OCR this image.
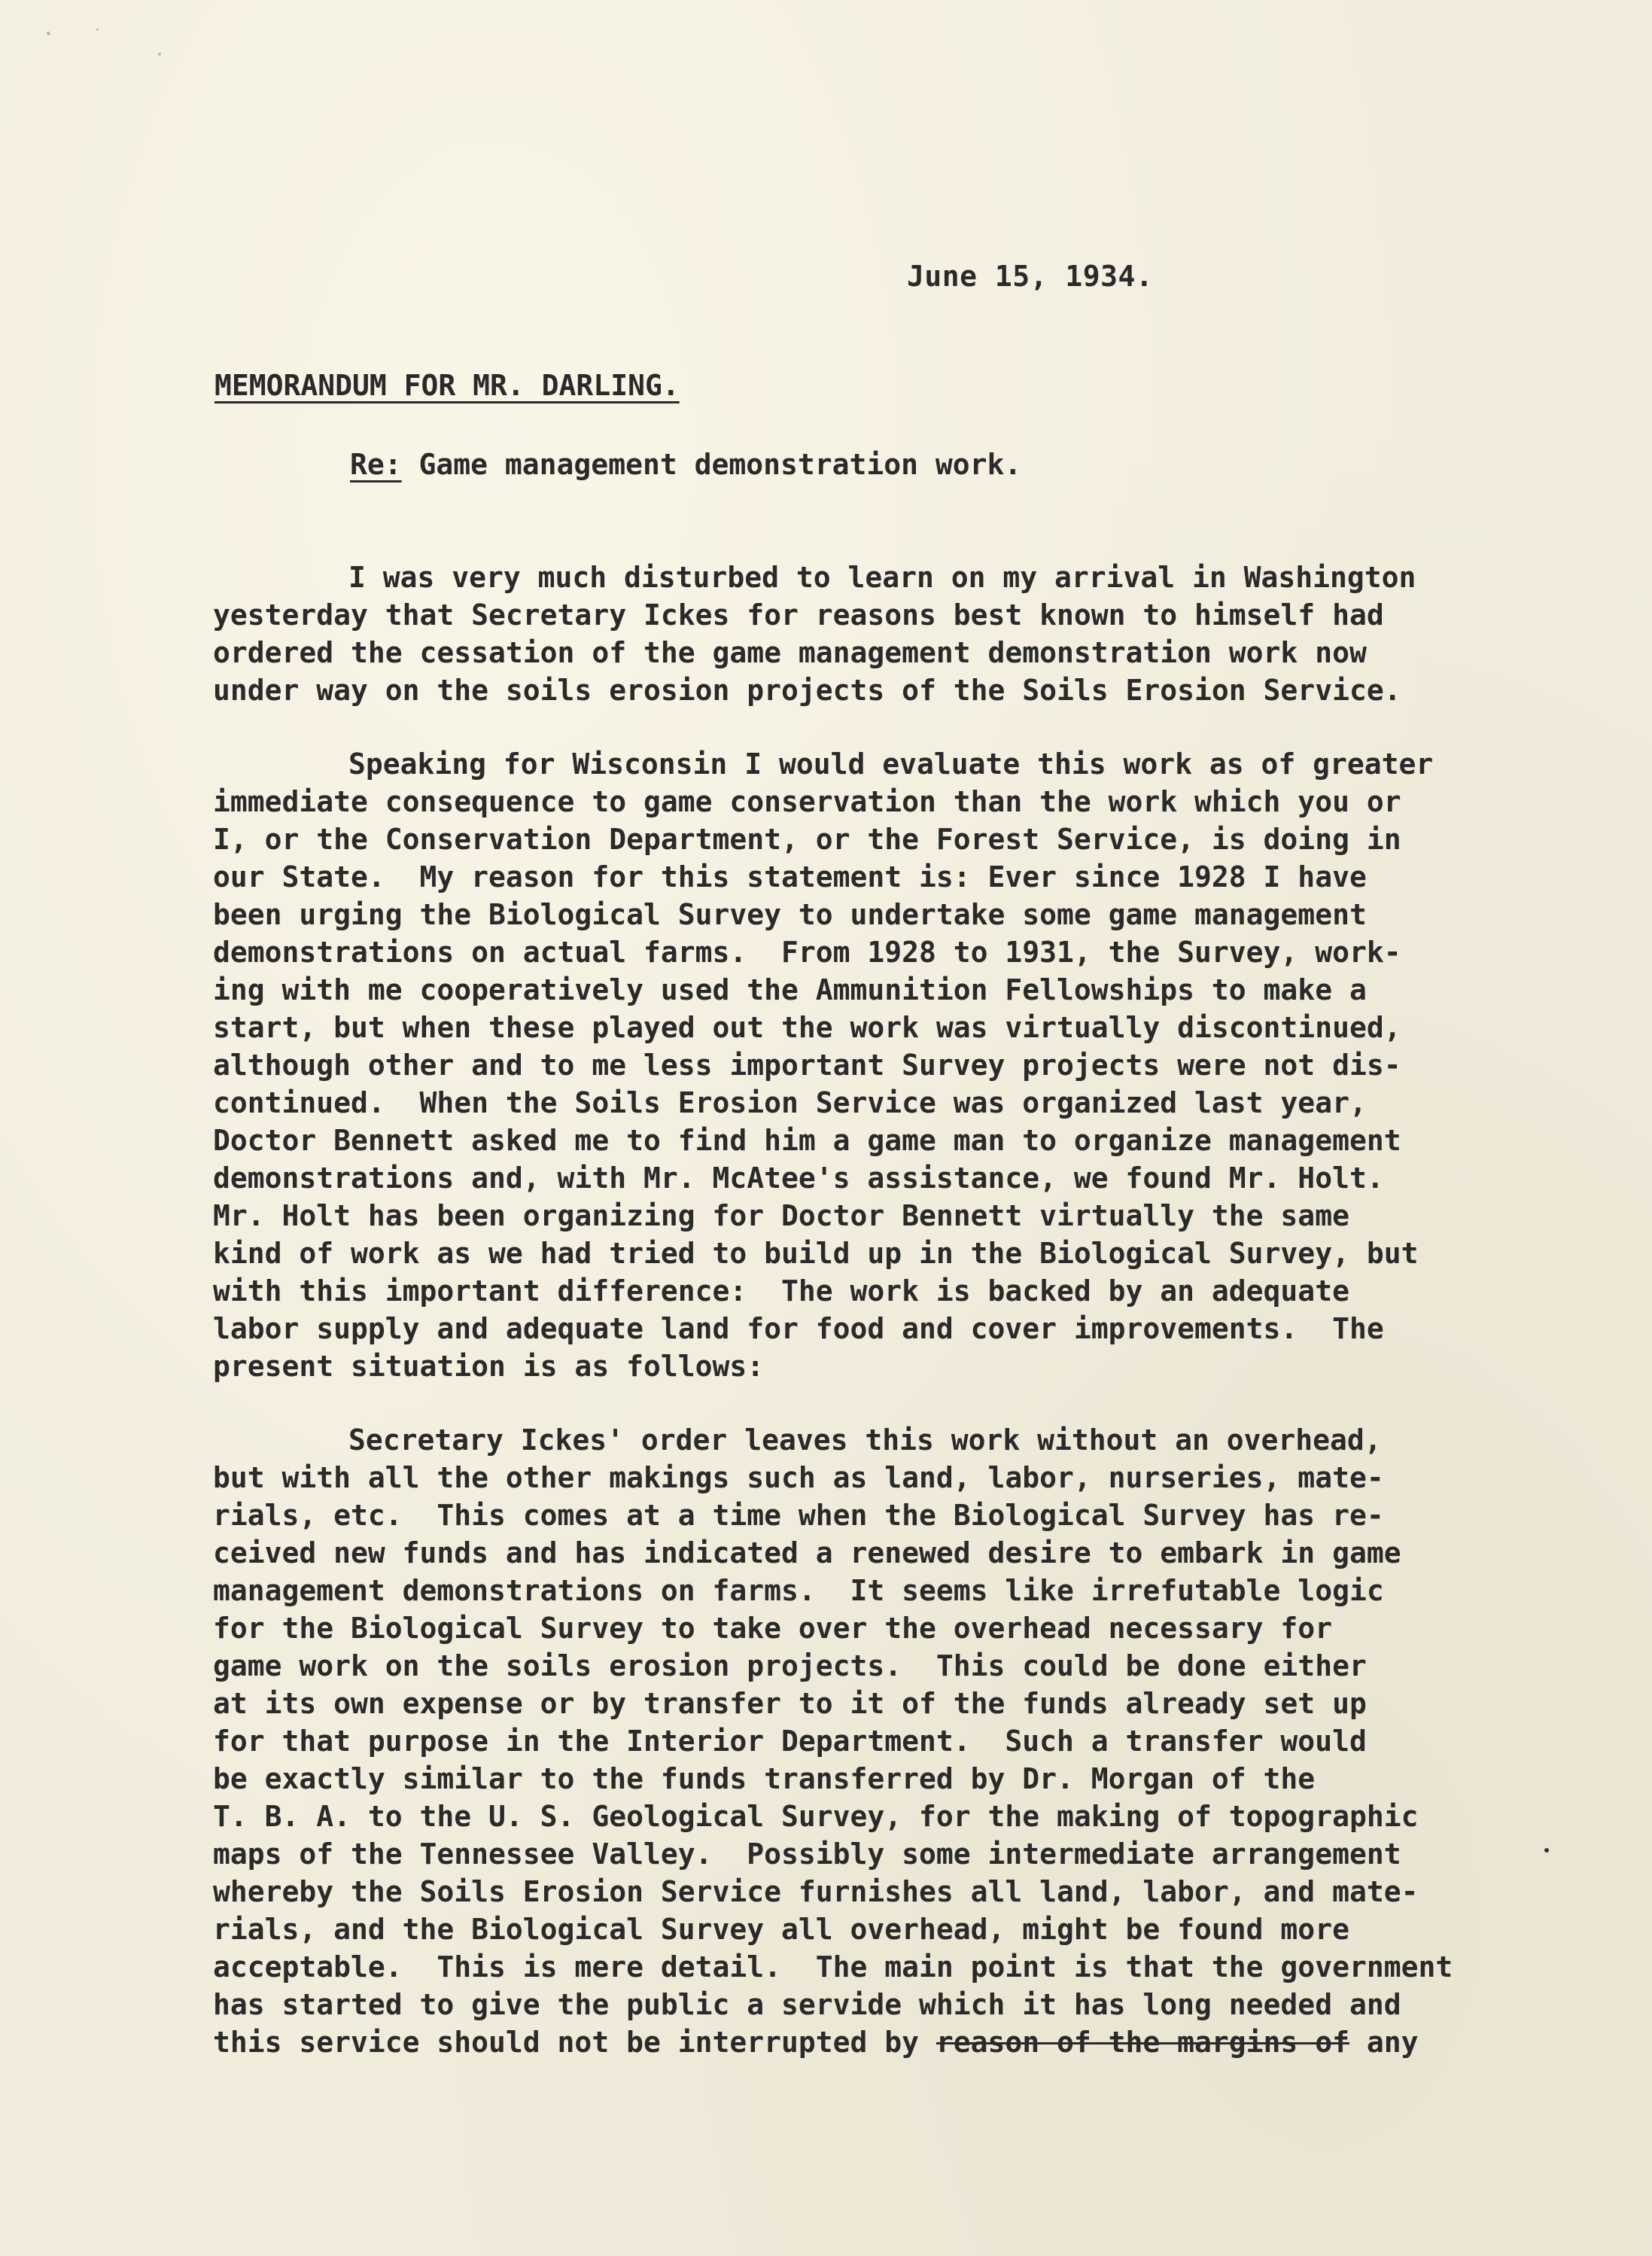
June 15, 1934.
MEMORANDUM FOR MR. DARLING.
Re: Game management demonstration work.
I was very much disturbed to learn on my arrival in Washington
yesterday that Secretary Ickes for reasons best known to himself had
ordered the cessation of the game management demonstration work now
under way on the soils erosion projects of the Soils Erosion Service.
Speaking for Wisconsin I would evaluate this work as of greater
immediate consequence to game conservation than the work which you or
I, or the Conservation Department, or the Forest Service, is doing in
our State.  My reason for this statement is: Ever since 1928 I have
been urging the Biological Survey to undertake some game management
demonstrations on actual farms.  From 1928 to 1931, the Survey, work-
ing with me cooperatively used the Ammunition Fellowships to make a
start, but when these played out the work was virtually discontinued,
although other and to me less important Survey projects were not dis-
continued.  When the Soils Erosion Service was organized last year,
Doctor Bennett asked me to find him a game man to organize management
demonstrations and, with Mr. McAtee's assistance, we found Mr. Holt.
Mr. Holt has been organizing for Doctor Bennett virtually the same
kind of work as we had tried to build up in the Biological Survey, but
with this important difference:  The work is backed by an adequate
labor supply and adequate land for food and cover improvements.  The
present situation is as follows:
Secretary Ickes' order leaves this work without an overhead,
but with all the other makings such as land, labor, nurseries, mate-
rials, etc.  This comes at a time when the Biological Survey has re-
ceived new funds and has indicated a renewed desire to embark in game
management demonstrations on farms.  It seems like irrefutable logic
for the Biological Survey to take over the overhead necessary for
game work on the soils erosion projects.  This could be done either
at its own expense or by transfer to it of the funds already set up
for that purpose in the Interior Department.  Such a transfer would
be exactly similar to the funds transferred by Dr. Morgan of the
T. B. A. to the U. S. Geological Survey, for the making of topographic
maps of the Tennessee Valley.  Possibly some intermediate arrangement
whereby the Soils Erosion Service furnishes all land, labor, and mate-
rials, and the Biological Survey all overhead, might be found more
acceptable.  This is mere detail.  The main point is that the government
has started to give the public a servide which it has long needed and
this service should not be interrupted by reason of the margins of any
